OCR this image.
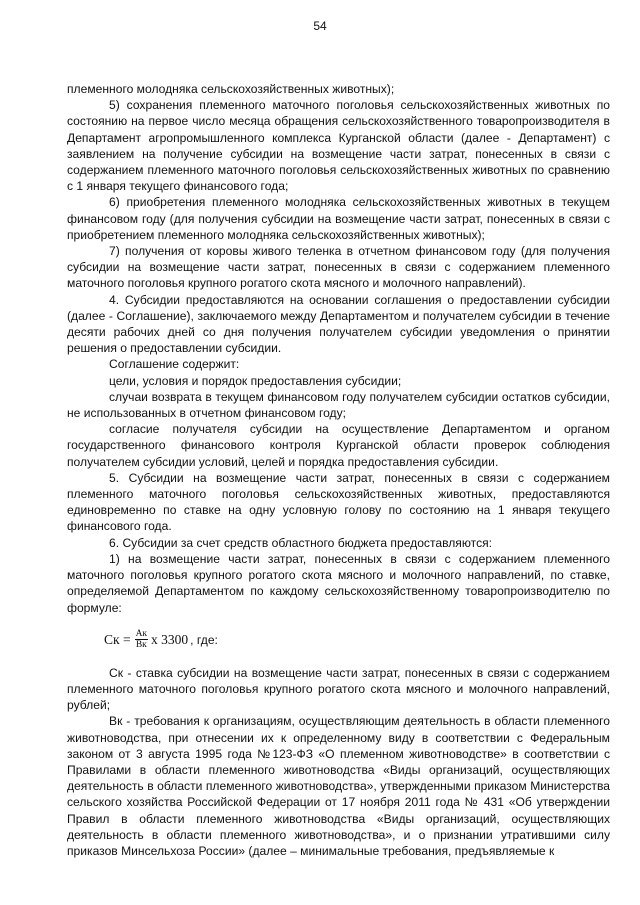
54

племенного молодняка сельскохозяйственных животных);

5) сохранения племенного маточного поголовья сельскохозяйственных животных по состоянию на первое число месяца обращения сельскохозяйственного товаропроизводителя в Департамент агропромышленного комплекса Курганской области (далее - Департамент) с заявлением на получение субсидии на возмещение части затрат, понесенных в связи с содержанием племенного маточного поголовья сельскохозяйственных животных по сравнению с 1 января текущего финансового года;

6) приобретения племенного молодняка сельскохозяйственных животных в текущем финансовом году (для получения субсидии на возмещение части затрат, понесенных в связи с приобретением племенного молодняка сельскохозяйственных животных);

7) получения от коровы живого теленка в отчетном финансовом году (для получения субсидии на возмещение части затрат, понесенных в связи с содержанием племенного маточного поголовья крупного рогатого скота мясного и молочного направлений).

4. Субсидии предоставляются на основании соглашения о предоставлении субсидии (далее - Соглашение), заключаемого между Департаментом и получателем субсидии в течение десяти рабочих дней со дня получения получателем субсидии уведомления о принятии решения о предоставлении субсидии.

Соглашение содержит:

цели, условия и порядок предоставления субсидии;

случаи возврата в текущем финансовом году получателем субсидии остатков субсидии, не использованных в отчетном финансовом году;

согласие получателя субсидии на осуществление Департаментом и органом государственного финансового контроля Курганской области проверок соблюдения получателем субсидии условий, целей и порядка предоставления субсидии.

5. Субсидии на возмещение части затрат, понесенных в связи с содержанием племенного маточного поголовья сельскохозяйственных животных, предоставляются единовременно по ставке на одну условную голову по состоянию на 1 января текущего финансового года.

6. Субсидии за счет средств областного бюджета предоставляются:

1) на возмещение части затрат, понесенных в связи с содержанием племенного маточного поголовья крупного рогатого скота мясного и молочного направлений, по ставке, определяемой Департаментом по каждому сельскохозяйственному товаропроизводителю по формуле:

Ск = $\frac{Ак}{Вк}$ х 3300 , где:

Ск - ставка субсидии на возмещение части затрат, понесенных в связи с содержанием племенного маточного поголовья крупного рогатого скота мясного и молочного направлений, рублей;

Вк - требования к организациям, осуществляющим деятельность в области племенного животноводства, при отнесении их к определенному виду в соответствии с Федеральным законом от 3 августа 1995 года №123-ФЗ «О племенном животноводстве» в соответствии с Правилами в области племенного животноводства «Виды организаций, осуществляющих деятельность в области племенного животноводства», утвержденными приказом Министерства сельского хозяйства Российской Федерации от 17 ноября 2011 года № 431 «Об утверждении Правил в области племенного животноводства «Виды организаций, осуществляющих деятельность в области племенного животноводства», и о признании утратившими силу приказов Минсельхоза России» (далее – минимальные требования, предъявляемые к
